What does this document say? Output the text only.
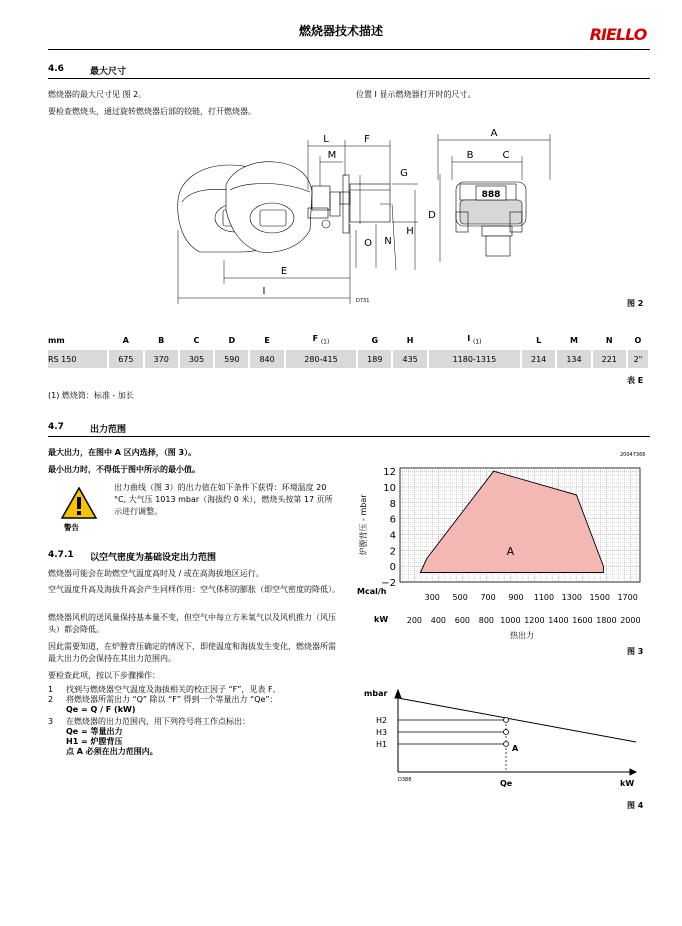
燃烧器技术描述	RIELLO
4.6	最大尺寸
燃烧器的最大尺寸见 图 2。
要检查燃烧头，通过旋转燃烧器后部的铰链，打开燃烧器。
位置 I 显示燃烧器打开时的尺寸。
888
L	F
M
G
N
H
O
E
I
A
B	C
D
D731	图 2
mm	A	B	C	D	E	F $_{(1)}$	G	H	I $_{(1)}$	L	M	N	O
RS 150	675	370	305	590	840	280-415	189	435	1180-1315	214	134	221	2"
表 E
(1) 燃烧筒：标准 - 加长
4.7	出力范围
最大出力，在图中 A 区内选择，（图 3）。
最小出力时，不得低于图中所示的最小值。
警告
出力曲线（图 3）的出力值在如下条件下获得：环境温度 20 °C, 大气压 1013 mbar（海拔约 0 米），燃烧头按第 17 页所示进行调整。
4.7.1 以空气密度为基础设定出力范围
燃烧器可能会在助燃空气温度高时及 / 或在高海拔地区运行。
空气温度升高及海拔升高会产生同样作用：空气体积的膨胀（即空气密度的降低）。
燃烧器风机的送风量保持基本量不变，但空气中每立方米氧气以及风机推力（风压头）都会降低。
因此需要知道，在炉膛背压确定的情况下，即使温度和海拔发生变化，燃烧器所需最大出力仍会保持在其出力范围内。
要检查此项，按以下步骤操作：
1 找到与燃烧器空气温度及海拔相关的校正因子 “F”，见表 F。
2 将燃烧器所需出力 “Q” 除以 “F” 得到一个等量出力 “Qe”：
Qe = Q / F (kW)
3 在燃烧器的出力范围内，用下列符号将工作点标出：
Qe = 等量出力
H1 = 炉膛背压
点 A 必须在出力范围内。
20047366
−2
0
2
4
6
8
10
12
300 500 700 900 1100 1300 1500 1700
200 400 600 800 1000 1200 1400 1600 1800 2000
A
Mcal/h
kW
热出力
炉膛背压 - mbar
图 3
mbar
H2
H3
H1	A
Qe	kW
D388
图 4
